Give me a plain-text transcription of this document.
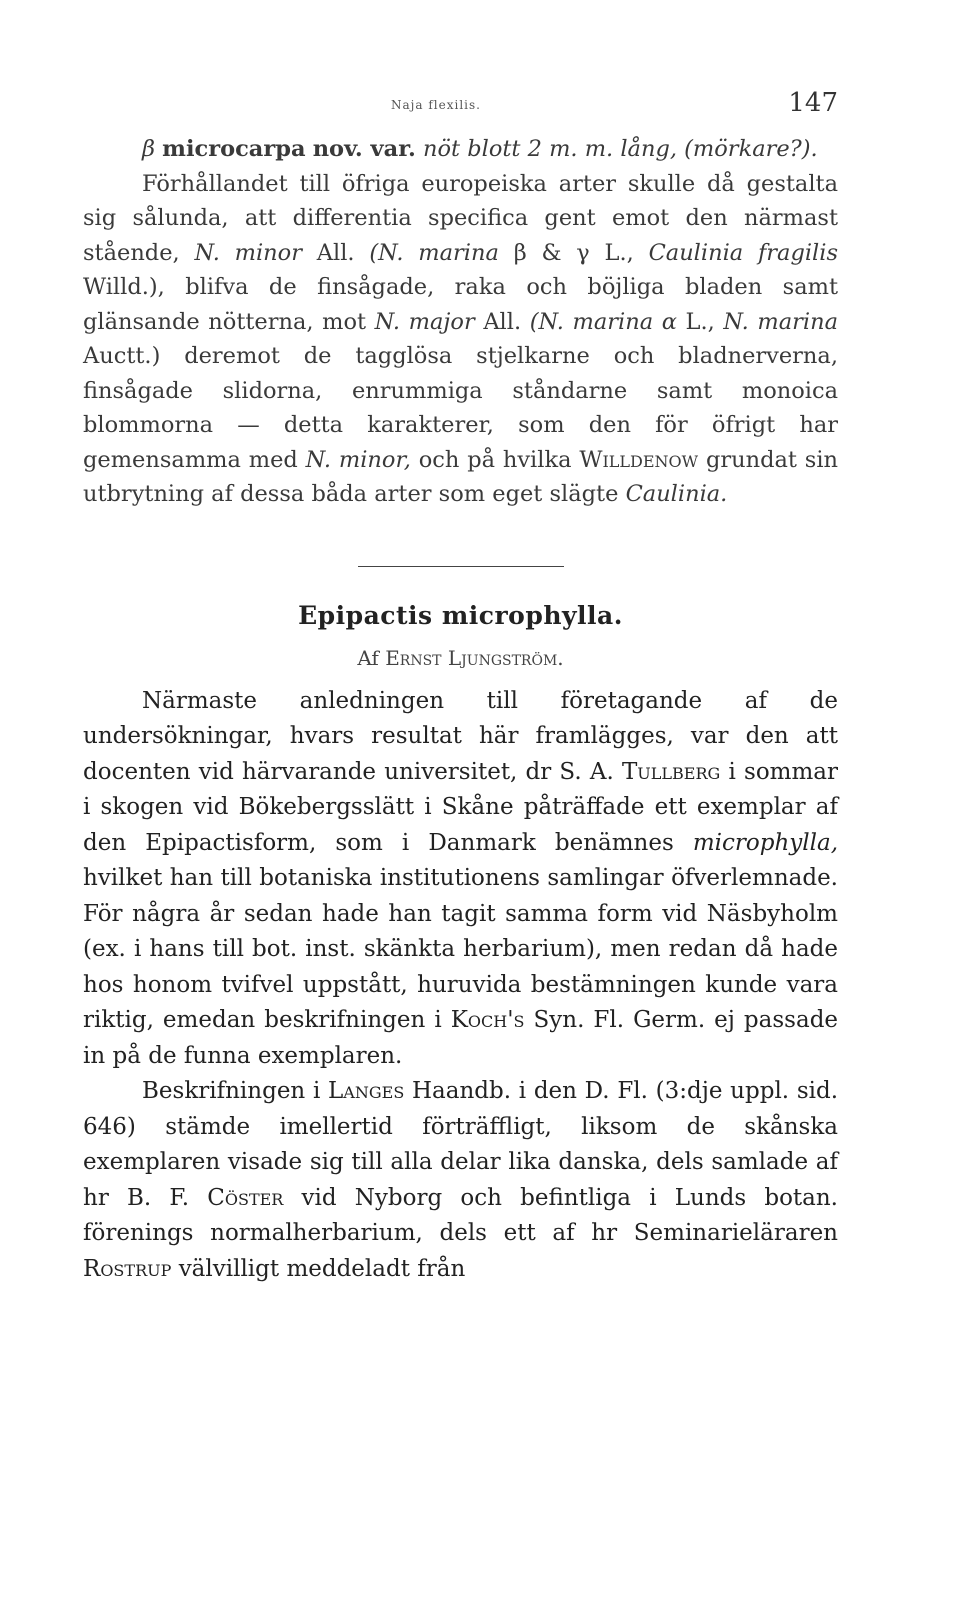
Naja flexilis.	147

β microcarpa nov. var. nöt blott 2 m. m. lång, (mörkare?).

Förhållandet till öfriga europeiska arter skulle då gestalta sig sålunda, att differentia specifica gent emot den närmast stående, N. minor All. (N. marina β & γ L., Caulinia fragilis Willd.), blifva de finsågade, raka och böjliga bladen samt glänsande nötterna, mot N. major All. (N. marina α L., N. marina Auctt.) deremot de tagglösa stjelkarne och bladnerverna, finsågade slidorna, enrummiga ståndarne samt monoica blommorna — detta karakterer, som den för öfrigt har gemensamma med N. minor, och på hvilka Willdenow grundat sin utbrytning af dessa båda arter som eget slägte Caulinia.

Epipactis microphylla.
Af Ernst Ljungström.

Närmaste anledningen till företagande af de undersökningar, hvars resultat här framlägges, var den att docenten vid härvarande universitet, dr S. A. Tullberg i sommar i skogen vid Bökebergsslätt i Skåne påträffade ett exemplar af den Epipactisform, som i Danmark benämnes microphylla, hvilket han till botaniska institutionens samlingar öfverlemnade. För några år sedan hade han tagit samma form vid Näsbyholm (ex. i hans till bot. inst. skänkta herbarium), men redan då hade hos honom tvifvel uppstått, huruvida bestämningen kunde vara riktig, emedan beskrifningen i Koch's Syn. Fl. Germ. ej passade in på de funna exemplaren.

Beskrifningen i Langes Haandb. i den D. Fl. (3:dje uppl. sid. 646) stämde imellertid förträffligt, liksom de skånska exemplaren visade sig till alla delar lika danska, dels samlade af hr B. F. Cöster vid Nyborg och befintliga i Lunds botan. förenings normalherbarium, dels ett af hr Seminarieläraren Rostrup välvilligt meddeladt från
